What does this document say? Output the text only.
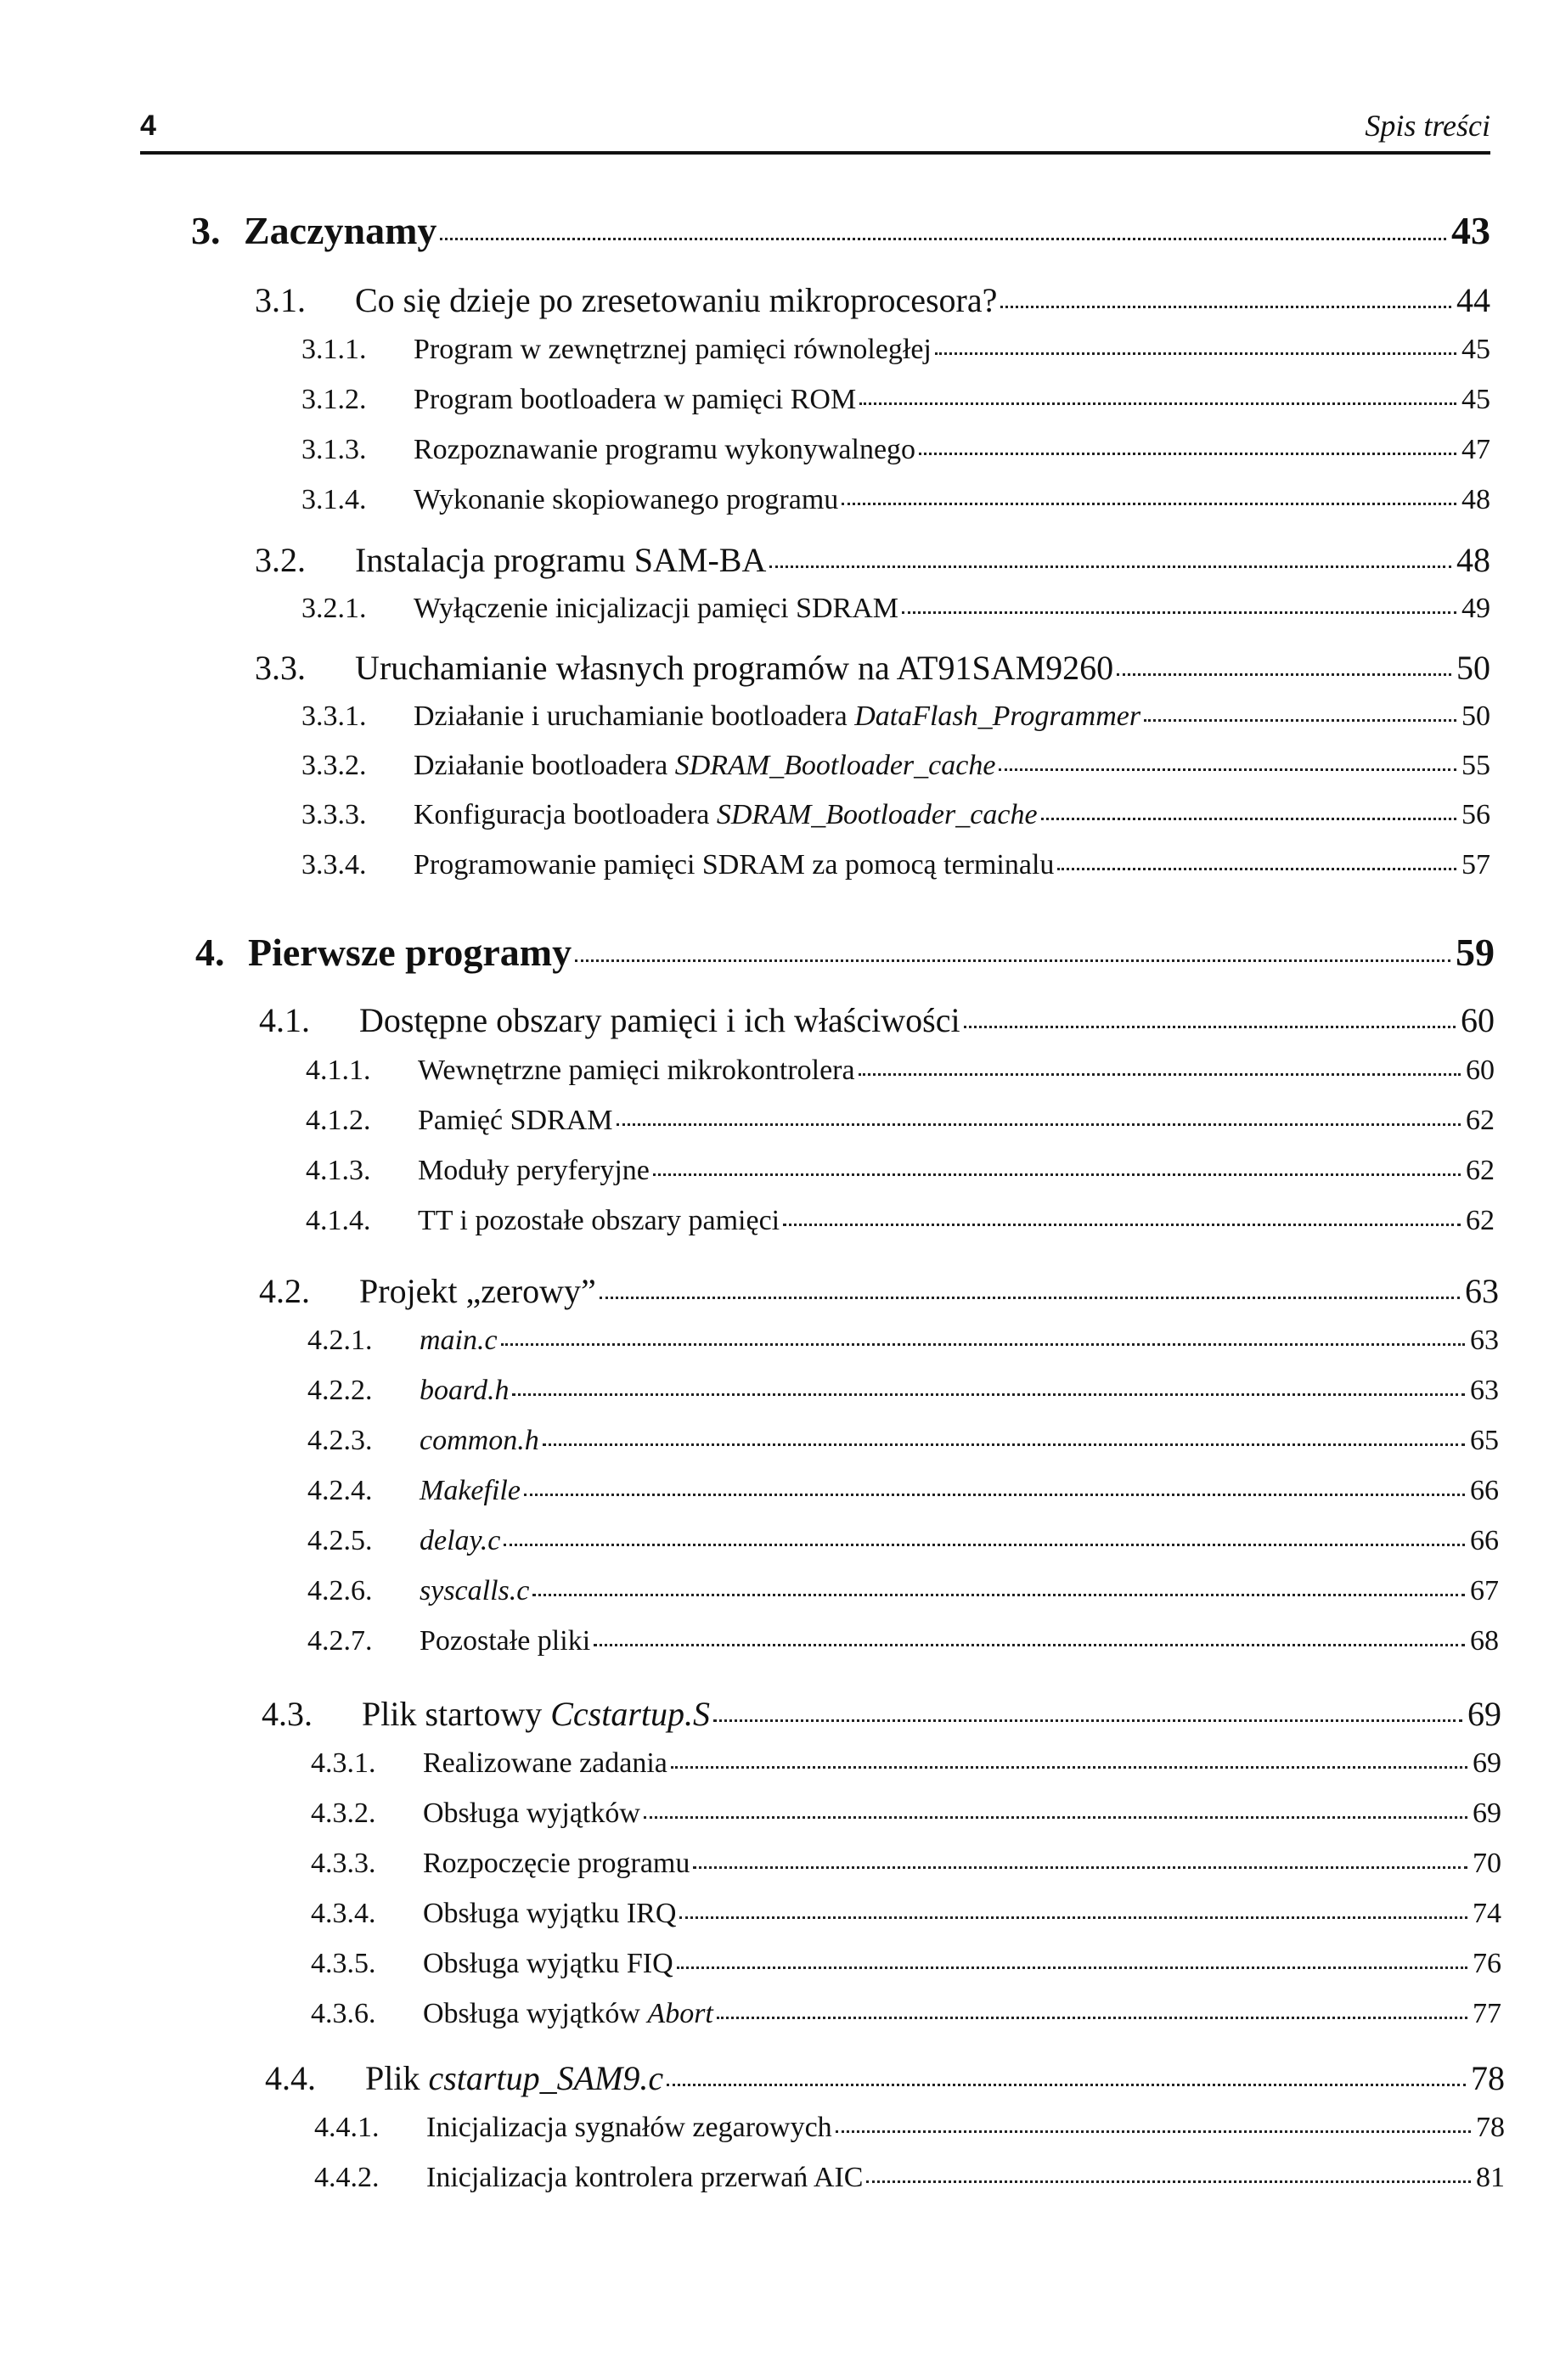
4	Spis treści
3. Zaczynamy	43
3.1.	Co się dzieje po zresetowaniu mikroprocesora?	44
3.1.1.	Program w zewnętrznej pamięci równoległej	45
3.1.2.	Program bootloadera w pamięci ROM	45
3.1.3.	Rozpoznawanie programu wykonywalnego	47
3.1.4.	Wykonanie skopiowanego programu	48
3.2.	Instalacja programu SAM-BA	48
3.2.1.	Wyłączenie inicjalizacji pamięci SDRAM	49
3.3.	Uruchamianie własnych programów na AT91SAM9260	50
3.3.1.	Działanie i uruchamianie bootloadera DataFlash_Programmer	50
3.3.2.	Działanie bootloadera SDRAM_Bootloader_cache	55
3.3.3.	Konfiguracja bootloadera SDRAM_Bootloader_cache	56
3.3.4.	Programowanie pamięci SDRAM za pomocą terminalu	57
4. Pierwsze programy	59
4.1.	Dostępne obszary pamięci i ich właściwości	60
4.1.1.	Wewnętrzne pamięci mikrokontrolera	60
4.1.2.	Pamięć SDRAM	62
4.1.3.	Moduły peryferyjne	62
4.1.4.	TT i pozostałe obszary pamięci	62
4.2.	Projekt „zerowy”	63
4.2.1.	main.c	63
4.2.2.	board.h	63
4.2.3.	common.h	65
4.2.4.	Makefile	66
4.2.5.	delay.c	66
4.2.6.	syscalls.c	67
4.2.7.	Pozostałe pliki	68
4.3.	Plik startowy Ccstartup.S	69
4.3.1.	Realizowane zadania	69
4.3.2.	Obsługa wyjątków	69
4.3.3.	Rozpoczęcie programu	70
4.3.4.	Obsługa wyjątku IRQ	74
4.3.5.	Obsługa wyjątku FIQ	76
4.3.6.	Obsługa wyjątków Abort	77
4.4.	Plik cstartup_SAM9.c	78
4.4.1.	Inicjalizacja sygnałów zegarowych	78
4.4.2.	Inicjalizacja kontrolera przerwań AIC	81
